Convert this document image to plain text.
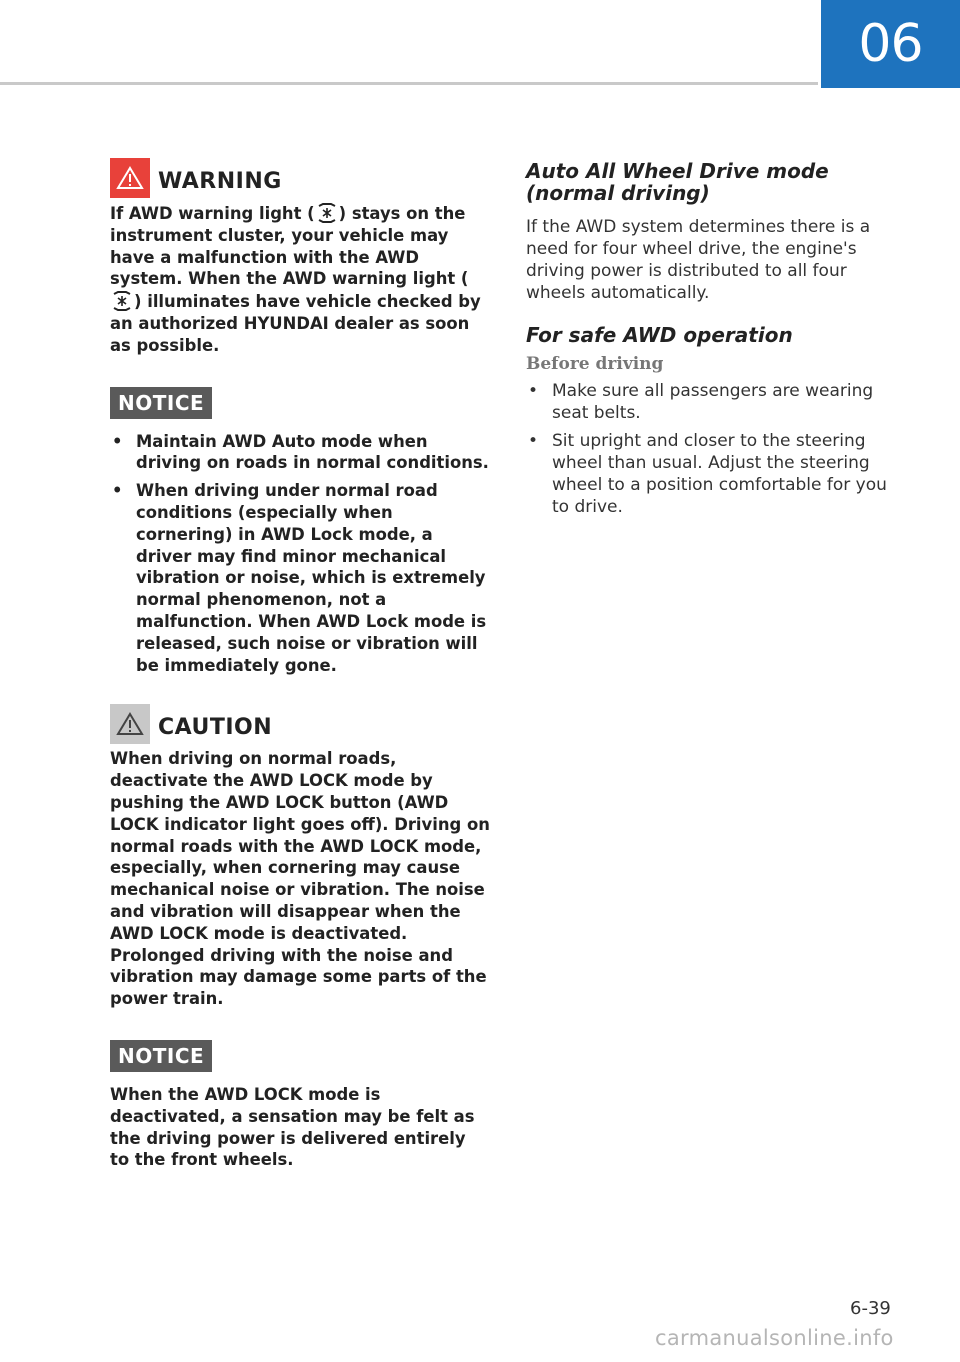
06
WARNING

If AWD warning light ( ) stays on the instrument cluster, your vehicle may have a malfunction with the AWD system. When the AWD warning light () illuminates have vehicle checked by an authorized HYUNDAI dealer as soon as possible.

NOTICE
• Maintain AWD Auto mode when driving on roads in normal conditions.
• When driving under normal road conditions (especially when cornering) in AWD Lock mode, a driver may find minor mechanical vibration or noise, which is extremely normal phenomenon, not a malfunction. When AWD Lock mode is released, such noise or vibration will be immediately gone.
CAUTION

When driving on normal roads, deactivate the AWD LOCK mode by pushing the AWD LOCK button (AWD LOCK indicator light goes off). Driving on normal roads with the AWD LOCK mode, especially, when cornering may cause mechanical noise or vibration. The noise and vibration will disappear when the AWD LOCK mode is deactivated. Prolonged driving with the noise and vibration may damage some parts of the power train.

NOTICE

When the AWD LOCK mode is deactivated, a sensation may be felt as the driving power is delivered entirely to the front wheels.

Auto All Wheel Drive mode
(normal driving)

If the AWD system determines there is a need for four wheel drive, the engine's driving power is distributed to all four wheels automatically.

For safe AWD operation

Before driving

• Make sure all passengers are wearing seat belts.
• Sit upright and closer to the steering wheel than usual. Adjust the steering wheel to a position comfortable for you to drive.
6-39
carmanualsonline.info
